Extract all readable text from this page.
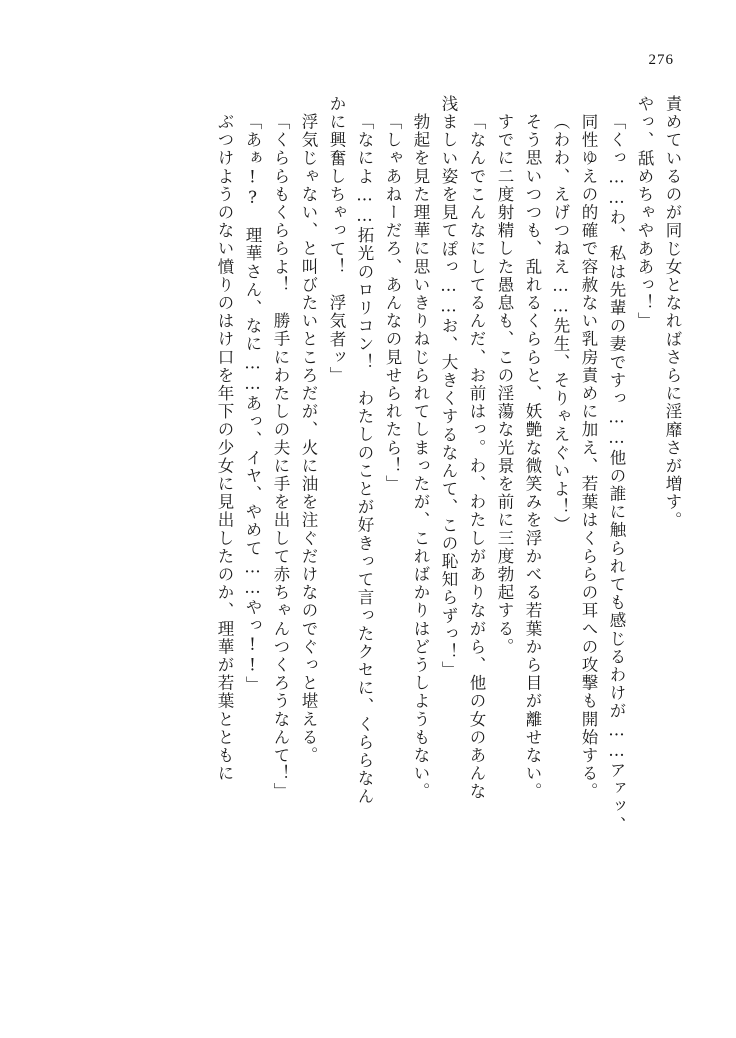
276
責めているのが同じ女となればさらに淫靡さが増す。
やっ、舐めちゃやああっ！」
「くっ……わ、私は先輩の妻ですっ……他の誰に触られても感じるわけが……アァッ、
同性ゆえの的確で容赦ない乳房責めに加え、若葉はくららの耳への攻撃も開始する。
（わわ、えげつねえ……先生、そりゃえぐいよ！）
そう思いつつも、乱れるくららと、妖艶な微笑みを浮かべる若葉から目が離せない。
すでに二度射精した愚息も、この淫蕩な光景を前に三度勃起する。
「なんでこんなにしてるんだ、お前はっ。わ、わたしがありながら、他の女のあんな
浅ましい姿を見てぽっ……お、大きくするなんて、この恥知らずっ！」
勃起を見た理華に思いきりねじられてしまったが、こればかりはどうしようもない。
「しゃあねーだろ、あんなの見せられたら！」
「なによ……拓光のロリコン！　わたしのことが好きって言ったクセに、くららなん
かに興奮しちゃって！　浮気者ッ」
浮気じゃない、と叫びたいところだが、火に油を注ぐだけなのでぐっと堪える。
「くららもくららよ！　勝手にわたしの夫に手を出して赤ちゃんつくろうなんて！」
「あぁ!?　理華さん、なに……あっ、イヤ、やめて……やっ!!」
ぶつけようのない憤りのはけ口を年下の少女に見出したのか、理華が若葉とともに
